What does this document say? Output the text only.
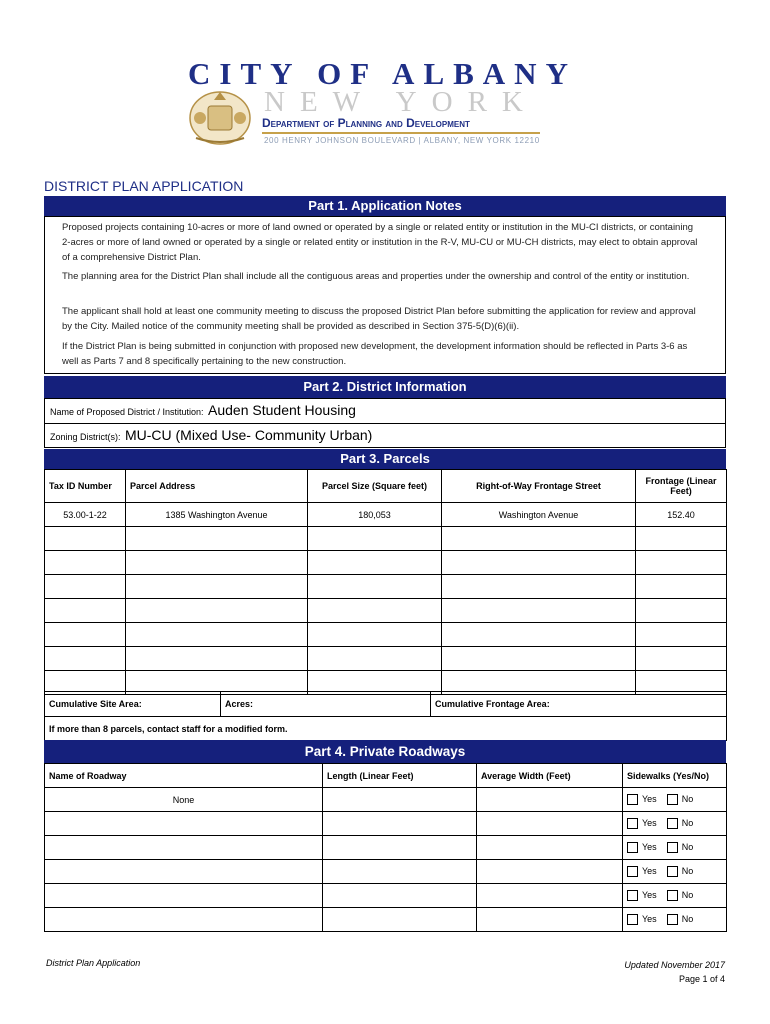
CITY OF ALBANY
NEW YORK
Department of Planning and Development
200 HENRY JOHNSON BOULEVARD | ALBANY, NEW YORK 12210
DISTRICT PLAN APPLICATION
Part 1. Application Notes
Proposed projects containing 10-acres or more of land owned or operated by a single or related entity or institution in the MU-CI districts, or containing 2-acres or more of land owned or operated by a single or related entity or institution in the R-V, MU-CU or MU-CH districts, may elect to obtain approval of a comprehensive District Plan.
The planning area for the District Plan shall include all the contiguous areas and properties under the ownership and control of the entity or institution.
The applicant shall hold at least one community meeting to discuss the proposed District Plan before submitting the application for review and approval by the City. Mailed notice of the community meeting shall be provided as described in Section 375-5(D)(6)(ii).
If the District Plan is being submitted in conjunction with proposed new development, the development information should be reflected in Parts 3-6 as well as Parts 7 and 8 specifically pertaining to the new construction.
Part 2. District Information
Name of Proposed District / Institution: Auden Student Housing
Zoning District(s): MU-CU (Mixed Use- Community Urban)
Part 3. Parcels
Tax ID Number	Parcel Address	Parcel Size (Square feet)	Right-of-Way Frontage Street	Frontage (Linear Feet)
53.00-1-22	1385 Washington Avenue	180,053	Washington Avenue	152.40

Cumulative Site Area:	Acres:	Cumulative Frontage Area:
If more than 8 parcels, contact staff for a modified form.
Part 4. Private Roadways
Name of Roadway	Length (Linear Feet)	Average Width (Feet)	Sidewalks (Yes/No)
None			Yes No
			Yes No
			Yes No
			Yes No
			Yes No
			Yes No
District Plan Application	Updated November 2017
Page 1 of 4
